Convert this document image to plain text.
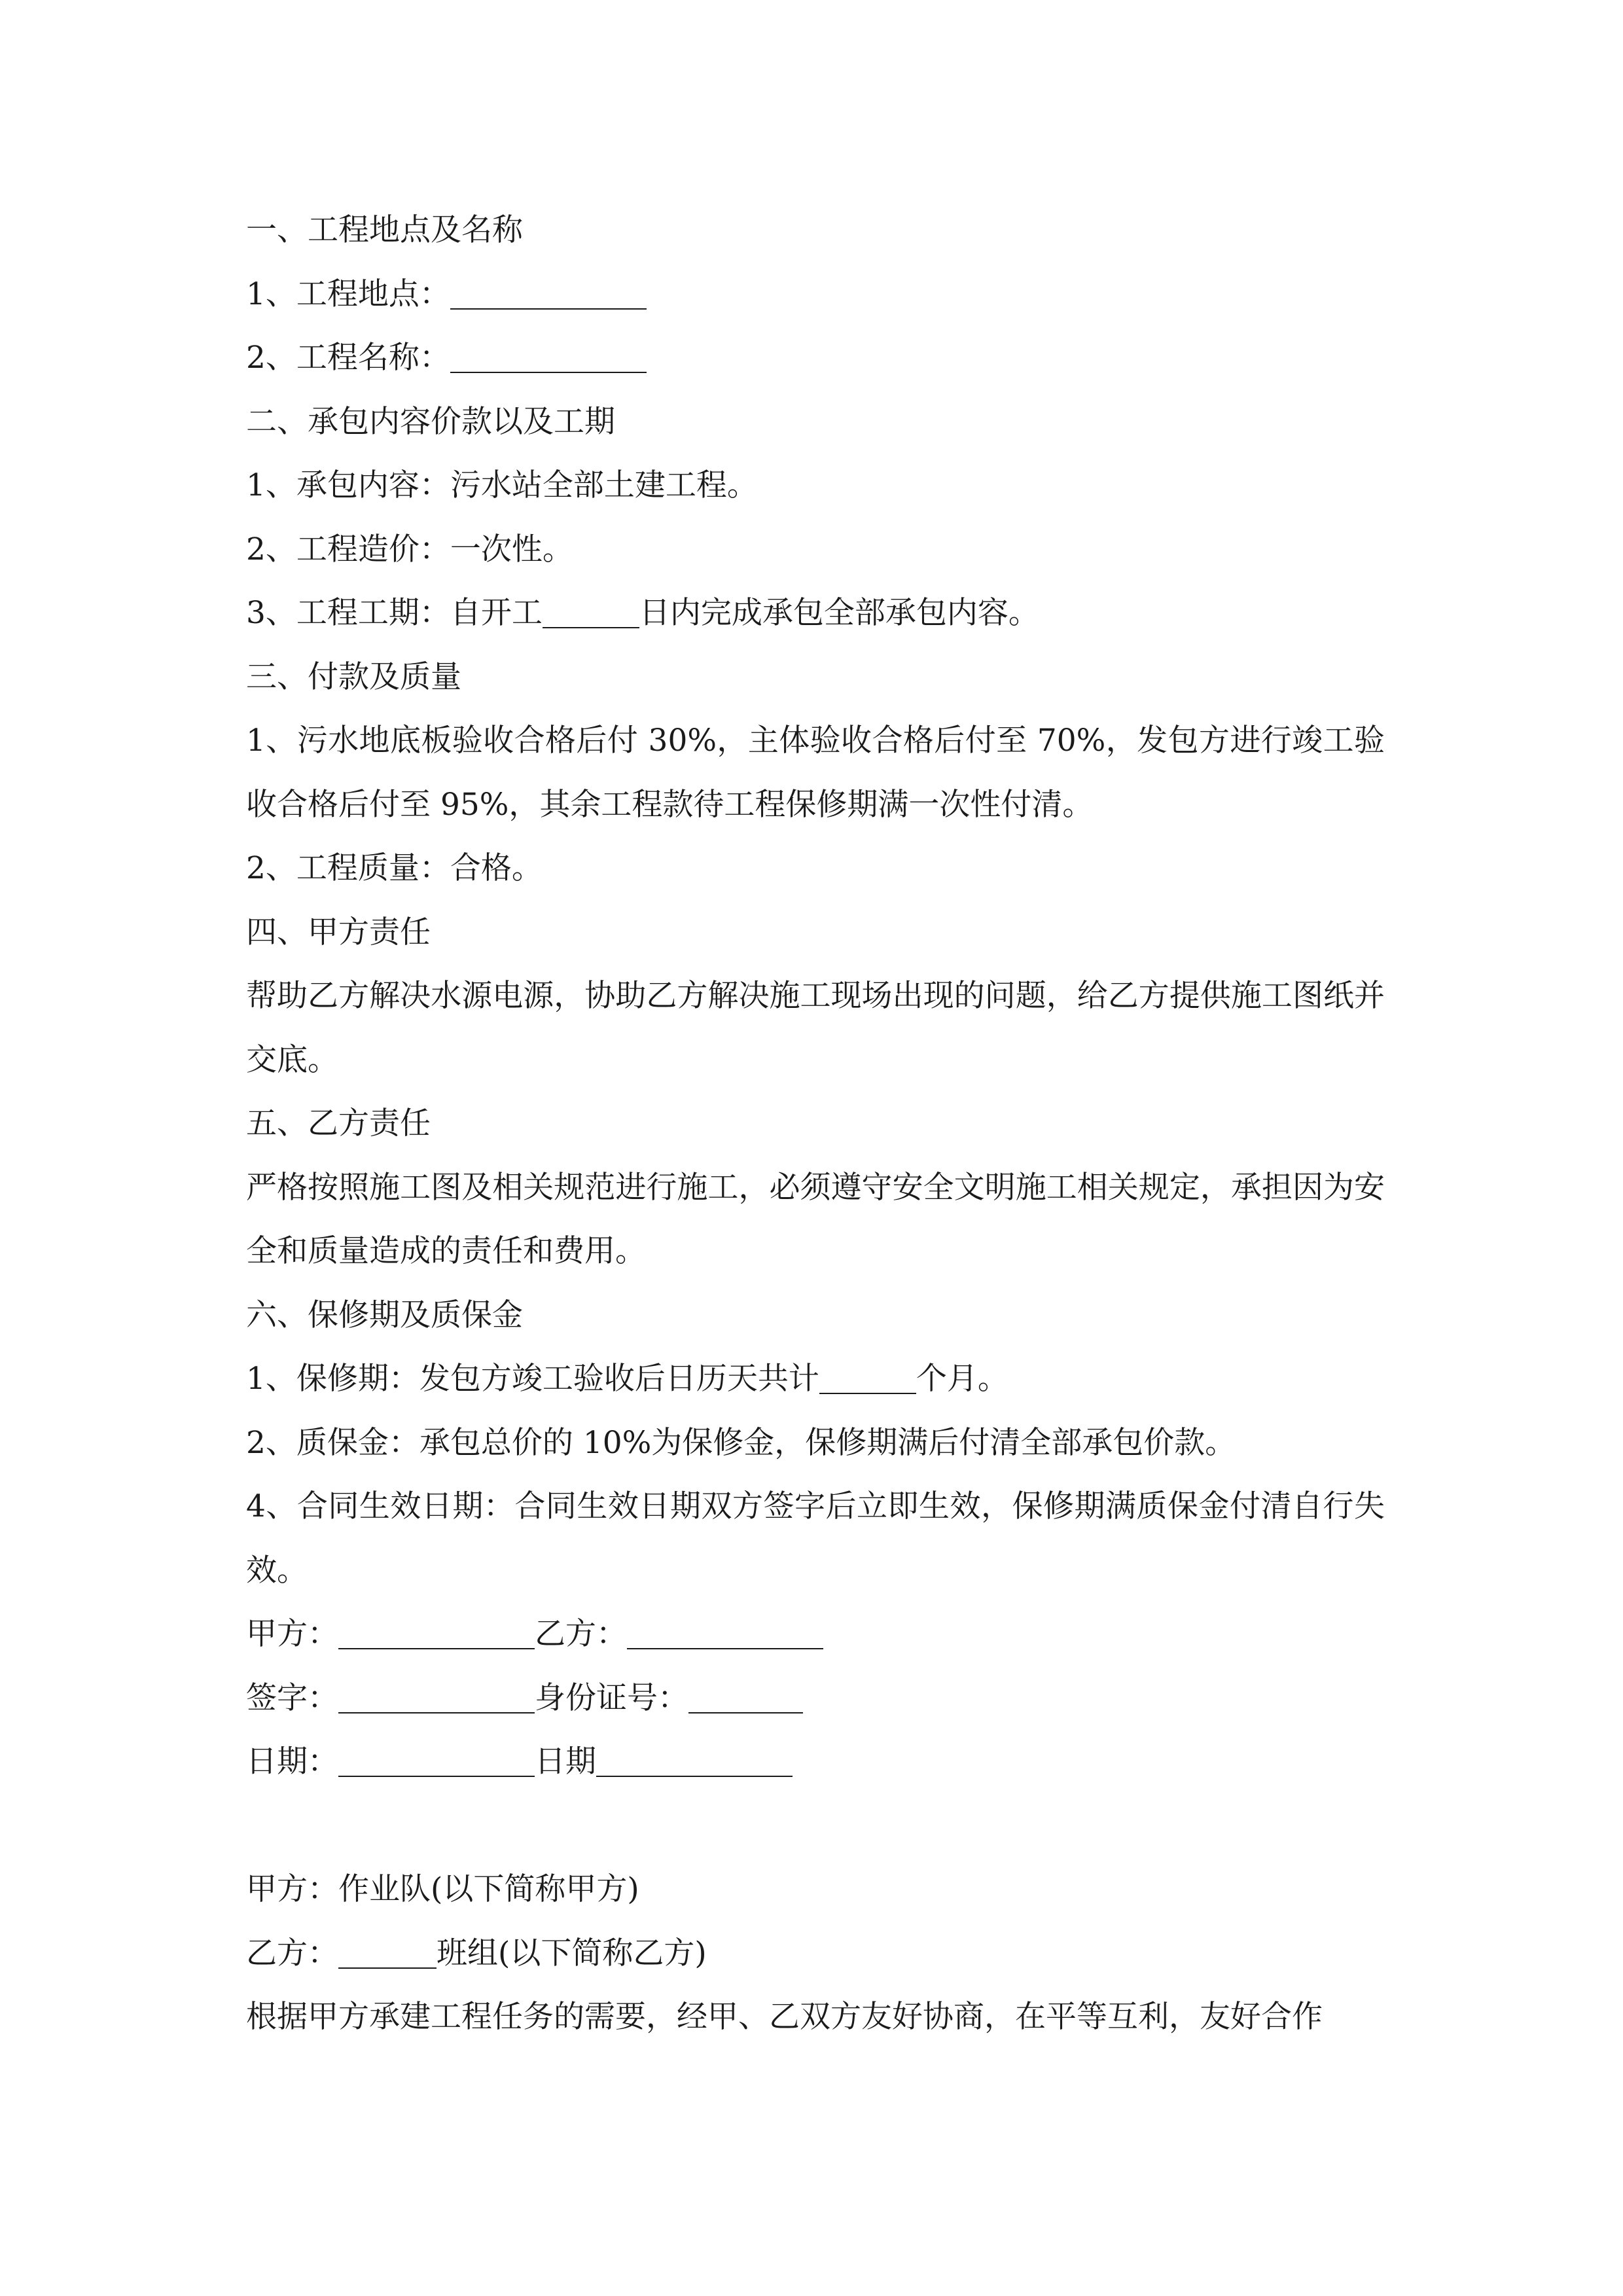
一、工程地点及名称

1、工程地点：

2、工程名称：

二、承包内容价款以及工期

1、承包内容：污水站全部土建工程。

2、工程造价：一次性。

3、工程工期：自开工	日内完成承包全部承包内容。

三、付款及质量

1、污水地底板验收合格后付 30%，主体验收合格后付至 70%，发包方进行竣工验收合格后付至 95%，其余工程款待工程保修期满一次性付清。

2、工程质量：合格。

四、甲方责任

帮助乙方解决水源电源，协助乙方解决施工现场出现的问题，给乙方提供施工图纸并交底。

五、乙方责任

严格按照施工图及相关规范进行施工，必须遵守安全文明施工相关规定，承担因为安全和质量造成的责任和费用。

六、保修期及质保金

1、保修期：发包方竣工验收后日历天共计	个月。

2、质保金：承包总价的 10%为保修金，保修期满后付清全部承包价款。

4、合同生效日期：合同生效日期双方签字后立即生效，保修期满质保金付清自行失效。

甲方：	乙方：

签字：	身份证号：

日期：	日期

甲方：作业队(以下简称甲方)

乙方：	班组(以下简称乙方)

根据甲方承建工程任务的需要，经甲、乙双方友好协商，在平等互利，友好合作
